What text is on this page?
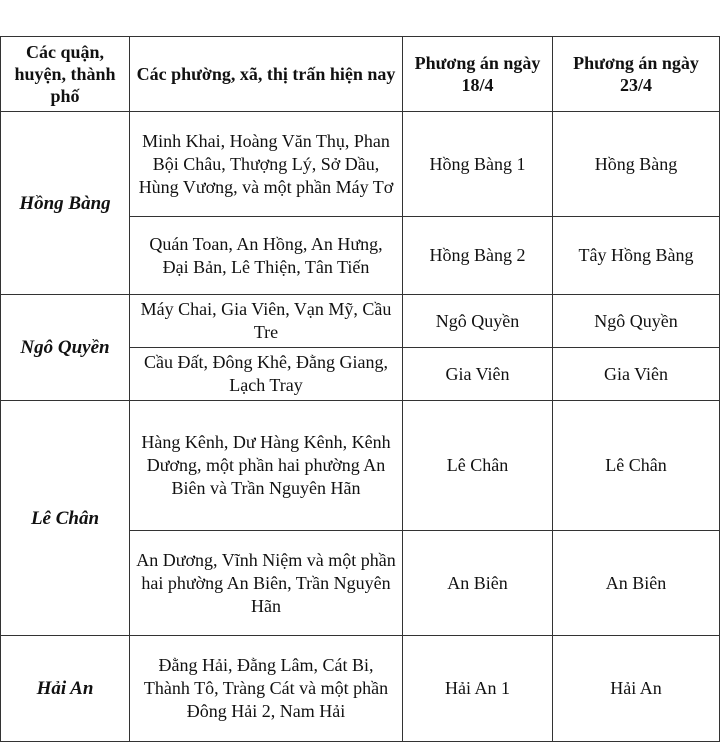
Các quận, huyện, thành phố	Các phường, xã, thị trấn hiện nay	Phương án ngày 18/4	Phương án ngày 23/4
Hồng Bàng	Minh Khai, Hoàng Văn Thụ, Phan Bội Châu, Thượng Lý, Sở Dầu, Hùng Vương, và một phần Máy Tơ	Hồng Bàng 1	Hồng Bàng
	Quán Toan, An Hồng, An Hưng, Đại Bản, Lê Thiện, Tân Tiến	Hồng Bàng 2	Tây Hồng Bàng
Ngô Quyền	Máy Chai, Gia Viên, Vạn Mỹ, Cầu Tre	Ngô Quyền	Ngô Quyền
	Cầu Đất, Đông Khê, Đằng Giang, Lạch Tray	Gia Viên	Gia Viên
Lê Chân	Hàng Kênh, Dư Hàng Kênh, Kênh Dương, một phần hai phường An Biên và Trần Nguyên Hãn	Lê Chân	Lê Chân
	An Dương, Vĩnh Niệm và một phần hai phường An Biên, Trần Nguyên Hãn	An Biên	An Biên
Hải An	Đằng Hải, Đằng Lâm, Cát Bi, Thành Tô, Tràng Cát và một phần Đông Hải 2, Nam Hải	Hải An 1	Hải An
